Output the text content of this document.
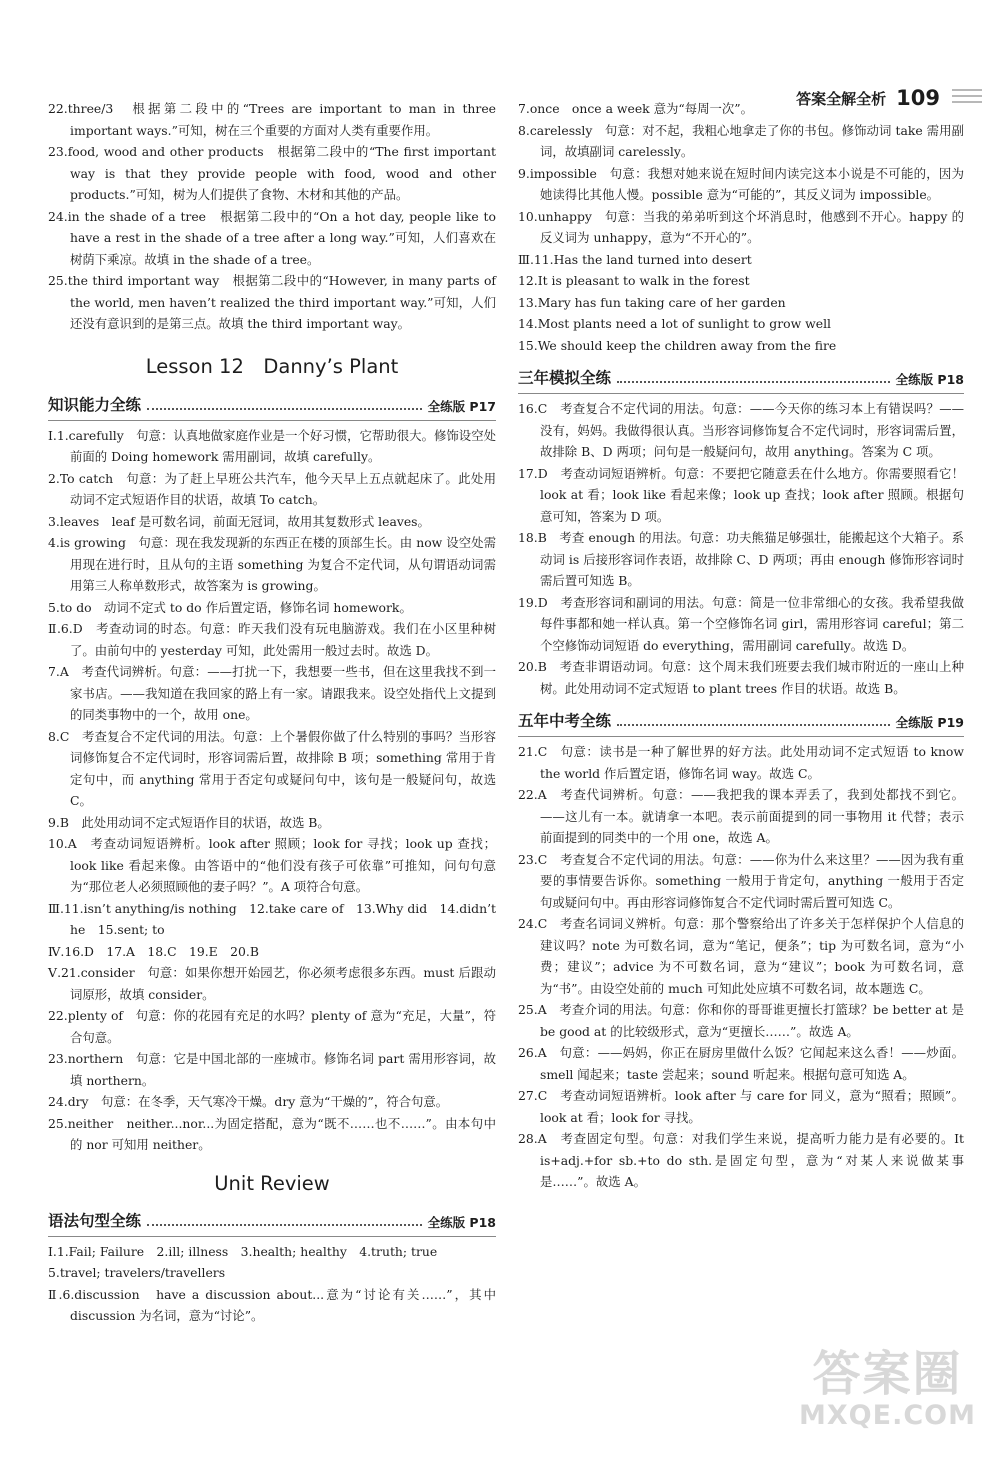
答案全解全析 109

22.three/3　根据第二段中的“Trees are important to man in three important ways.”可知，树在三个重要的方面对人类有重要作用。

23.food, wood and other products　根据第二段中的“The first important way is that they provide people with food, wood and other products.”可知，树为人们提供了食物、木材和其他的产品。

24.in the shade of a tree　根据第二段中的“On a hot day, people like to have a rest in the shade of a tree after a long way.”可知，人们喜欢在树荫下乘凉。故填 in the shade of a tree。

25.the third important way　根据第二段中的“However, in many parts of the world, men haven’t realized the third important way.”可知，人们还没有意识到的是第三点。故填 the third important way。

Lesson 12　Danny’s Plant
知识能力全练	全练版 P17

Ⅰ.1.carefully　句意：认真地做家庭作业是一个好习惯，它帮助很大。修饰设空处前面的 Doing homework 需用副词，故填 carefully。

2.To catch　句意：为了赶上早班公共汽车，他今天早上五点就起床了。此处用动词不定式短语作目的状语，故填 To catch。

3.leaves　leaf 是可数名词，前面无冠词，故用其复数形式 leaves。

4.is growing　句意：现在我发现新的东西正在楼的顶部生长。由 now 设空处需用现在进行时，且从句的主语 something 为复合不定代词，从句谓语动词需用第三人称单数形式，故答案为 is growing。

5.to do　动词不定式 to do 作后置定语，修饰名词 homework。

Ⅱ.6.D　考查动词的时态。句意：昨天我们没有玩电脑游戏。我们在小区里种树了。由前句中的 yesterday 可知，此处需用一般过去时。故选 D。

7.A　考查代词辨析。句意：——打扰一下，我想要一些书，但在这里我找不到一家书店。——我知道在我回家的路上有一家。请跟我来。设空处指代上文提到的同类事物中的一个，故用 one。

8.C　考查复合不定代词的用法。句意：上个暑假你做了什么特别的事吗？当形容词修饰复合不定代词时，形容词需后置，故排除 B 项；something 常用于肯定句中，而 anything 常用于否定句或疑问句中，该句是一般疑问句，故选 C。

9.B　此处用动词不定式短语作目的状语，故选 B。

10.A　考查动词短语辨析。look after 照顾；look for 寻找；look up 查找；look like 看起来像。由答语中的“他们没有孩子可依靠”可推知，问句句意为“那位老人必须照顾他的妻子吗？”。A 项符合句意。

Ⅲ.11.isn’t anything/is nothing　12.take care of　13.Why did　14.didn’t he　15.sent; to

Ⅳ.16.D　17.A　18.C　19.E　20.B

Ⅴ.21.consider　句意：如果你想开始园艺，你必须考虑很多东西。must 后跟动词原形，故填 consider。

22.plenty of　句意：你的花园有充足的水吗？plenty of 意为“充足，大量”，符合句意。

23.northern　句意：它是中国北部的一座城市。修饰名词 part 需用形容词，故填 northern。

24.dry　句意：在冬季，天气寒冷干燥。dry 意为“干燥的”，符合句意。

25.neither　neither...nor...为固定搭配，意为“既不……也不……”。由本句中的 nor 可知用 neither。

Unit Review
语法句型全练	全练版 P18

Ⅰ.1.Fail; Failure　2.ill; illness　3.health; healthy　4.truth; true

5.travel; travelers/travellers

Ⅱ.6.discussion　have a discussion about...意为“讨论有关……”，其中 discussion 为名词，意为“讨论”。

7.once　once a week 意为“每周一次”。

8.carelessly　句意：对不起，我粗心地拿走了你的书包。修饰动词 take 需用副词，故填副词 carelessly。

9.impossible　句意：我想对她来说在短时间内读完这本小说是不可能的，因为她读得比其他人慢。possible 意为“可能的”，其反义词为 impossible。

10.unhappy　句意：当我的弟弟听到这个坏消息时，他感到不开心。happy 的反义词为 unhappy，意为“不开心的”。

Ⅲ.11.Has the land turned into desert

12.It is pleasant to walk in the forest

13.Mary has fun taking care of her garden

14.Most plants need a lot of sunlight to grow well

15.We should keep the children away from the fire

三年模拟全练	全练版 P18

16.C　考查复合不定代词的用法。句意：——今天你的练习本上有错误吗？——没有，妈妈。我做得很认真。当形容词修饰复合不定代词时，形容词需后置，故排除 B、D 两项；问句是一般疑问句，故用 anything。答案为 C 项。

17.D　考查动词短语辨析。句意：不要把它随意丢在什么地方。你需要照看它！look at 看；look like 看起来像；look up 查找；look after 照顾。根据句意可知，答案为 D 项。

18.B　考查 enough 的用法。句意：功夫熊猫足够强壮，能搬起这个大箱子。系动词 is 后接形容词作表语，故排除 C、D 两项；再由 enough 修饰形容词时需后置可知选 B。

19.D　考查形容词和副词的用法。句意：简是一位非常细心的女孩。我希望我做每件事都和她一样认真。第一个空修饰名词 girl，需用形容词 careful；第二个空修饰动词短语 do everything，需用副词 carefully。故选 D。

20.B　考查非谓语动词。句意：这个周末我们班要去我们城市附近的一座山上种树。此处用动词不定式短语 to plant trees 作目的状语。故选 B。

五年中考全练	全练版 P19

21.C　句意：读书是一种了解世界的好方法。此处用动词不定式短语 to know the world 作后置定语，修饰名词 way。故选 C。

22.A　考查代词辨析。句意：——我把我的课本弄丢了，我到处都找不到它。——这儿有一本。就请拿一本吧。表示前面提到的同一事物用 it 代替；表示前面提到的同类中的一个用 one，故选 A。

23.C　考查复合不定代词的用法。句意：——你为什么来这里？——因为我有重要的事情要告诉你。something 一般用于肯定句，anything 一般用于否定句或疑问句中。再由形容词修饰复合不定代词时需后置可知选 C。

24.C　考查名词词义辨析。句意：那个警察给出了许多关于怎样保护个人信息的建议吗？note 为可数名词，意为“笔记，便条”；tip 为可数名词，意为“小费；建议”；advice 为不可数名词，意为“建议”；book 为可数名词，意为“书”。由设空处前的 much 可知此处应填不可数名词，故本题选 C。

25.A　考查介词的用法。句意：你和你的哥哥谁更擅长打篮球？be better at 是 be good at 的比较级形式，意为“更擅长……”。故选 A。

26.A　句意：——妈妈，你正在厨房里做什么饭？它闻起来这么香！——炒面。smell 闻起来；taste 尝起来；sound 听起来。根据句意可知选 A。

27.C　考查动词短语辨析。look after 与 care for 同义，意为“照看；照顾”。look at 看；look for 寻找。

28.A　考查固定句型。句意：对我们学生来说，提高听力能力是有必要的。It is+adj.+for sb.+to do sth.是固定句型，意为“对某人来说做某事是……”。故选 A。

答案圈
MXQE.COM
